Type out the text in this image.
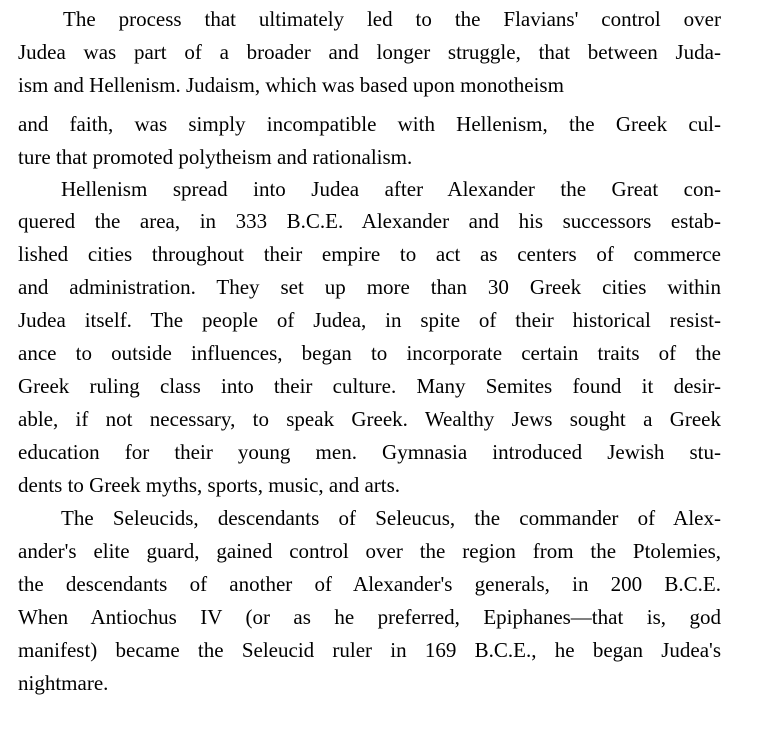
The process that ultimately led to the Flavians' control over
Judea was part of a broader and longer struggle, that between Juda-
ism and Hellenism. Judaism, which was based upon monotheism
and faith, was simply incompatible with Hellenism, the Greek cul-
ture that promoted polytheism and rationalism.
Hellenism spread into Judea after Alexander the Great con-
quered the area, in 333 B.C.E. Alexander and his successors estab-
lished cities throughout their empire to act as centers of commerce
and administration. They set up more than 30 Greek cities within
Judea itself. The people of Judea, in spite of their historical resist-
ance to outside influences, began to incorporate certain traits of the
Greek ruling class into their culture. Many Semites found it desir-
able, if not necessary, to speak Greek. Wealthy Jews sought a Greek
education for their young men. Gymnasia introduced Jewish stu-
dents to Greek myths, sports, music, and arts.
The Seleucids, descendants of Seleucus, the commander of Alex-
ander's elite guard, gained control over the region from the Ptolemies,
the descendants of another of Alexander's generals, in 200 B.C.E.
When Antiochus IV (or as he preferred, Epiphanes—that is, god
manifest) became the Seleucid ruler in 169 B.C.E., he began Judea's
nightmare.
